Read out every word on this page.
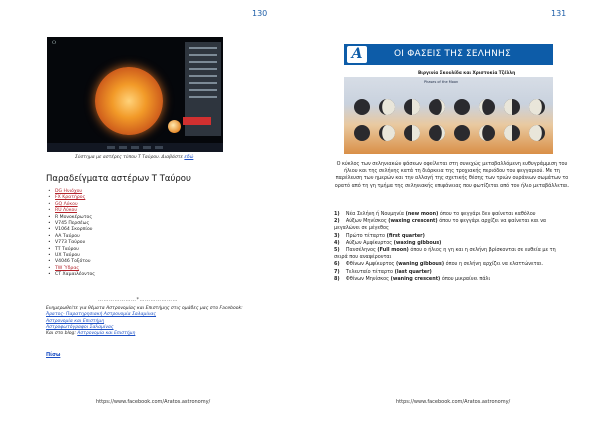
130
Ο
Σύστημα με αστέρες τύπου Τ Ταύρου. Διαβάστε εδώ
Παραδείγματα αστέρων Τ Ταύρου
• DG Ηνιόχου
• FX Κρατήρος
• GQ Λύκου
• RU Λύκου
• R Μονοκέρωτος
• V745 Περσέως
• V1064 Σκορπίου
• AA Ταύρου
• V773 Ταύρου
• TT Ταύρου
• UX Ταύρου
• V4046 Τοξότου
• TW Ύδρας
• CT Χαμαιλέοντος
…………………*…………………
Ενημερωθείτε για θέματα Αστρονομίας και Επιστήμης στις ομάδες μας στο Facebook:
Άρατος- Παρατηρησιακή Αστρονομία Σαλαμίνας
Αστρονομία και Επιστήμη
Αστροφωτόγραφοι Σαλαμίνας
Και στο blog: Αστρονομία και Επιστήμη
Πίσω
https://www.facebook.com/Aratos.astronomy/
131
https://www.facebook.com/Aratos.astronomy/
A	ΟΙ ΦΑΣΕΙΣ ΤΗΣ ΣΕΛΗΝΗΣ
Βιργινία Σκουλίδα και Χριστοκία Τζέλλη
Phases of the Moon
Ο κύκλος των σεληνιακών φάσεων οφείλεται στη συνεχώς μεταβαλλόμενη ευθυγράμμιση του ήλιου και της σελήνης κατά τη διάρκεια της τροχιακής περιόδου του φεγγαριού. Με τη παρέλευση των ημερών και την αλλαγή της σχετικής θέσης των τριών ουράνιων σωμάτων το ορατό από τη γη τμήμα της σεληνιακής επιφάνειας που φωτίζεται από τον ήλιο μεταβάλλεται.
1) Νέα Σελήνη ή Νουμηνία (new moon) όπου το φεγγάρι δεν φαίνεται καθόλου
2) Αύξων Μηνίσκος (waxing crescent) όπου το φεγγάρι αρχίζει να φαίνεται και να μεγαλώνει σε μέγεθος
3) Πρώτο τέταρτο (first quarter)
4) Αύξων Αμφίκυρτος (waxing gibbous)
5) Πανσέληνος (Full moon) όπου ο ήλιος η γη και η σελήνη βρίσκονται σε ευθεία με τη σειρά που αναφέρονται
6) Φθίνων Αμφίκυρτος (waning gibbous) όπου η σελήνη αρχίζει να ελαττώνεται.
7) Τελευταίο τέταρτο (last quarter)
8) Φθίνων Μηνίσκος (waning crescent) όπου μικραίνει πάλι
